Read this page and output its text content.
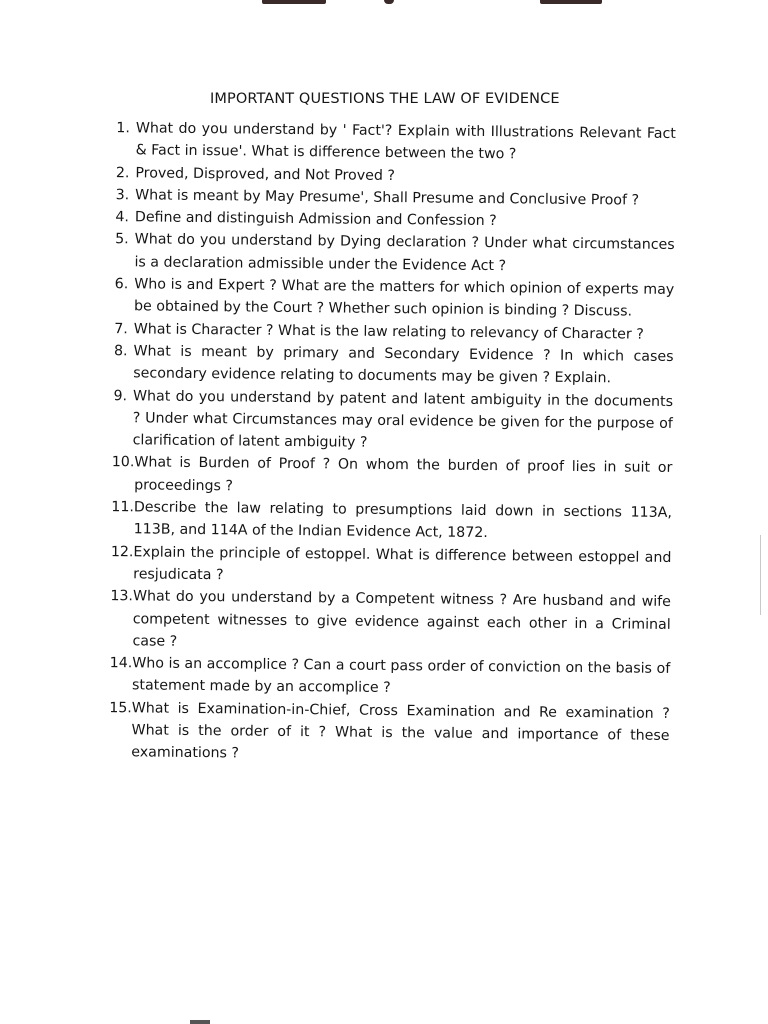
IMPORTANT QUESTIONS THE LAW OF EVIDENCE
1. What do you understand by ' Fact'? Explain with Illustrations Relevant Fact & Fact in issue'. What is difference between the two ?
2. Proved, Disproved, and Not Proved ?
3. What is meant by May Presume', Shall Presume and Conclusive Proof ?
4. Define and distinguish Admission and Confession ?
5. What do you understand by Dying declaration ? Under what circumstances is a declaration admissible under the Evidence Act ?
6. Who is and Expert ? What are the matters for which opinion of experts may be obtained by the Court ? Whether such opinion is binding ? Discuss.
7. What is Character ? What is the law relating to relevancy of Character ?
8. What is meant by primary and Secondary Evidence ? In which cases secondary evidence relating to documents may be given ? Explain.
9. What do you understand by patent and latent ambiguity in the documents ? Under what Circumstances may oral evidence be given for the purpose of clarification of latent ambiguity ?
10. What is Burden of Proof ? On whom the burden of proof lies in suit or proceedings ?
11. Describe the law relating to presumptions laid down in sections 113A, 113B, and 114A of the Indian Evidence Act, 1872.
12. Explain the principle of estoppel. What is difference between estoppel and resjudicata ?
13. What do you understand by a Competent witness ? Are husband and wife competent witnesses to give evidence against each other in a Criminal case ?
14. Who is an accomplice ? Can a court pass order of conviction on the basis of statement made by an accomplice ?
15. What is Examination-in-Chief, Cross Examination and Re examination ? What is the order of it ? What is the value and importance of these examinations ?
